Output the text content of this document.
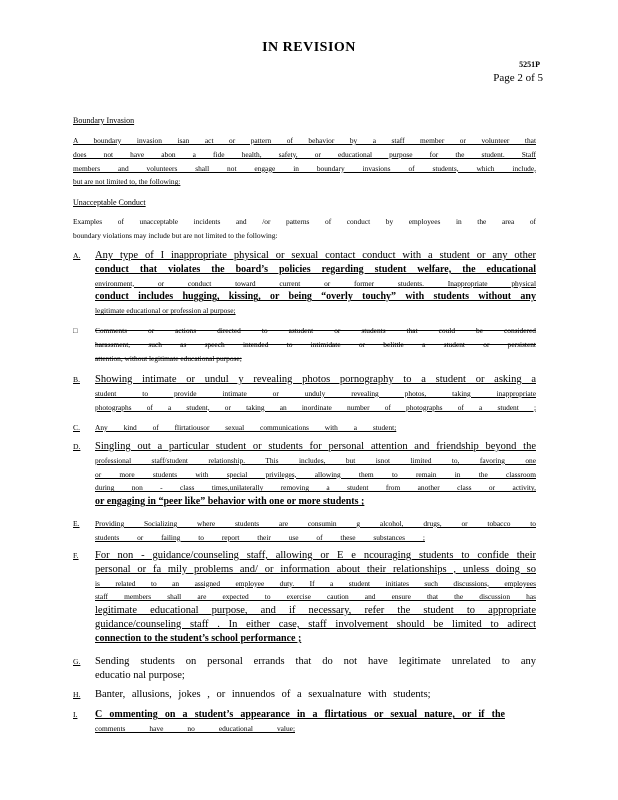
IN REVISION
5251P
Page 2 of 5
Boundary Invasion
A boundary invasion isan act or pattern of behavior by a staff member or volunteer that
does not have abon a fide health, safety, or educational purpose for the student. Staff
members and volunteers shall not engage in boundary invasions of students, which include,
but are not limited to, the following:
Unacceptable Conduct
Examples of unacceptable incidents and /or patterns of conduct by employees in the area of
boundary violations may include but are not limited to the following:
A. Any type of I inappropriate physical or sexual contact conduct with a student or any other
conduct that violates the board’s policies regarding student welfare, the educational
environment, or conduct toward current or former students. Inappropriate physical
conduct includes hugging, kissing, or being “overly touchy” with students without any
legitimate educational or profession al purpose;
□ Comments or actions directed to astudent or students that could be considered
harassment, such as speech intended to intimidate or belittle a student or persistent
attention, without legitimate educational purpose;
B. Showing intimate or undul y revealing photos pornography to a student or asking a
student to provide intimate or unduly revealing photos, taking inappropriate
photographs of a student, or taking an inordinate number of photographs of a student ;
C. Any kind of flirtatiousor sexual communications with a student;
D. Singling out a particular student or students for personal attention and friendship beyond the
professional staff/student relationship. This includes, but isnot limited to, favoring one
or more students with special privileges, allowing them to remain in the classroom
during non - class times,unilaterally removing a student from another class or activity,
or engaging in “peer like” behavior with one or more students ;
E. Providing Socializing where students are consumin g alcohol, drugs, or tobacco to
students or failing to report their use of these substances ;
F. For non - guidance/counseling staff, allowing or E e ncouraging students to confide their
personal or fa mily problems and/ or information about their relationships , unless doing so
is related to an assigned employee duty. If a student initiates such discussions, employees
staff members shall are expected to exercise caution and ensure that the discussion has
legitimate educational purpose, and if necessary, refer the student to appropriate
guidance/counseling staff . In either case, staff involvement should be limited to adirect
connection to the student’s school performance ;
G. Sending students on personal errands that do not have legitimate unrelated to any
educatio nal purpose;
H. Banter, allusions, jokes , or innuendos of a sexualnature with students;
I. C ommenting on a student’s appearance in a flirtatious or sexual nature, or if the
comments have no educational value;
